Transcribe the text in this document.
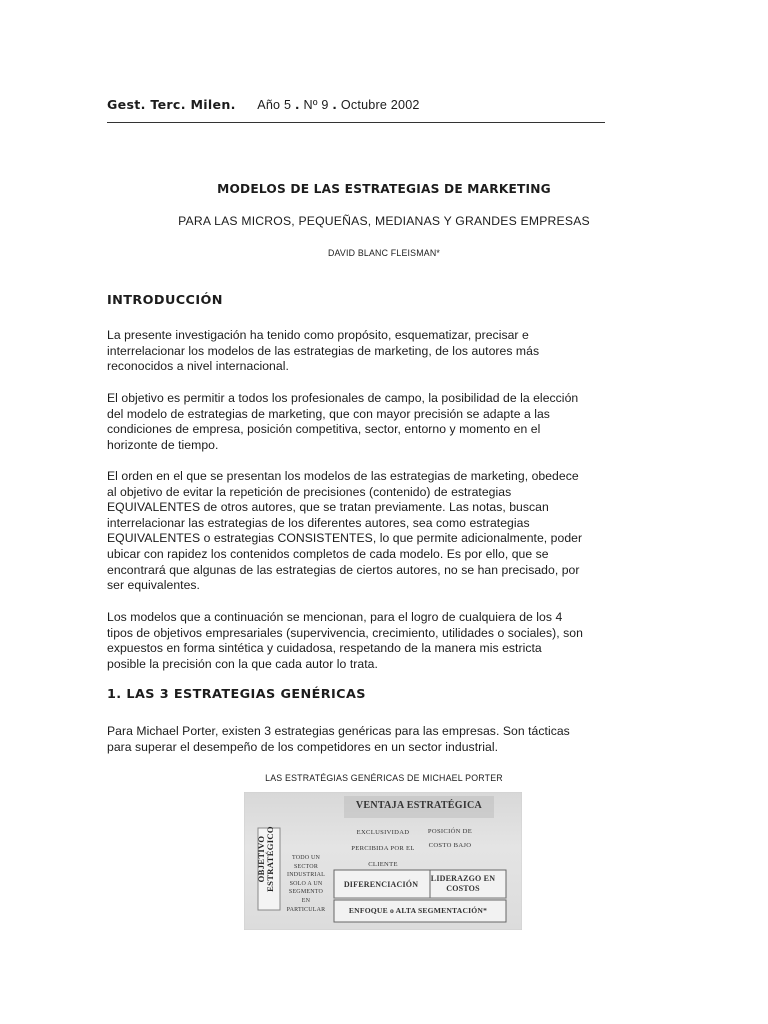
Gest. Terc. Milen. Año 5 . Nº 9 . Octubre 2002
MODELOS DE LAS ESTRATEGIAS DE MARKETING
PARA LAS MICROS, PEQUEÑAS, MEDIANAS Y GRANDES EMPRESAS
DAVID BLANC FLEISMAN*
INTRODUCCIÓN

La presente investigación ha tenido como propósito, esquematizar, precisar e
interrelacionar los modelos de las estrategias de marketing, de los autores más
reconocidos a nivel internacional.

El objetivo es permitir a todos los profesionales de campo, la posibilidad de la elección
del modelo de estrategias de marketing, que con mayor precisión se adapte a las
condiciones de empresa, posición competitiva, sector, entorno y momento en el
horizonte de tiempo.

El orden en el que se presentan los modelos de las estrategias de marketing, obedece
al objetivo de evitar la repetición de precisiones (contenido) de estrategias
EQUIVALENTES de otros autores, que se tratan previamente. Las notas, buscan
interrelacionar las estrategias de los diferentes autores, sea como estrategias
EQUIVALENTES o estrategias CONSISTENTES, lo que permite adicionalmente, poder
ubicar con rapidez los contenidos completos de cada modelo. Es por ello, que se
encontrará que algunas de las estrategias de ciertos autores, no se han precisado, por
ser equivalentes.

Los modelos que a continuación se mencionan, para el logro de cualquiera de los 4
tipos de objetivos empresariales (supervivencia, crecimiento, utilidades o sociales), son
expuestos en forma sintética y cuidadosa, respetando de la manera mis estricta
posible la precisión con la que cada autor lo trata.

1. LAS 3 ESTRATEGIAS GENÉRICAS

Para Michael Porter, existen 3 estrategias genéricas para las empresas. Son tácticas
para superar el desempeño de los competidores en un sector industrial.

LAS ESTRATÉGIAS GENÉRICAS DE MICHAEL PORTER
VENTAJA ESTRATÉGICA
EXCLUSIVIDAD
PERCIBIDA POR EL
CLIENTE
POSICIÓN DE
COSTO BAJO
OBJETIVO ESTRATÉGICO	TODO UN
SECTOR
INDUSTRIAL
SOLO A UN
SEGMENTO
EN
PARTICULAR
DIFERENCIACIÓN
LIDERAZGO EN
COSTOS
ENFOQUE o ALTA SEGMENTACIÓN*
